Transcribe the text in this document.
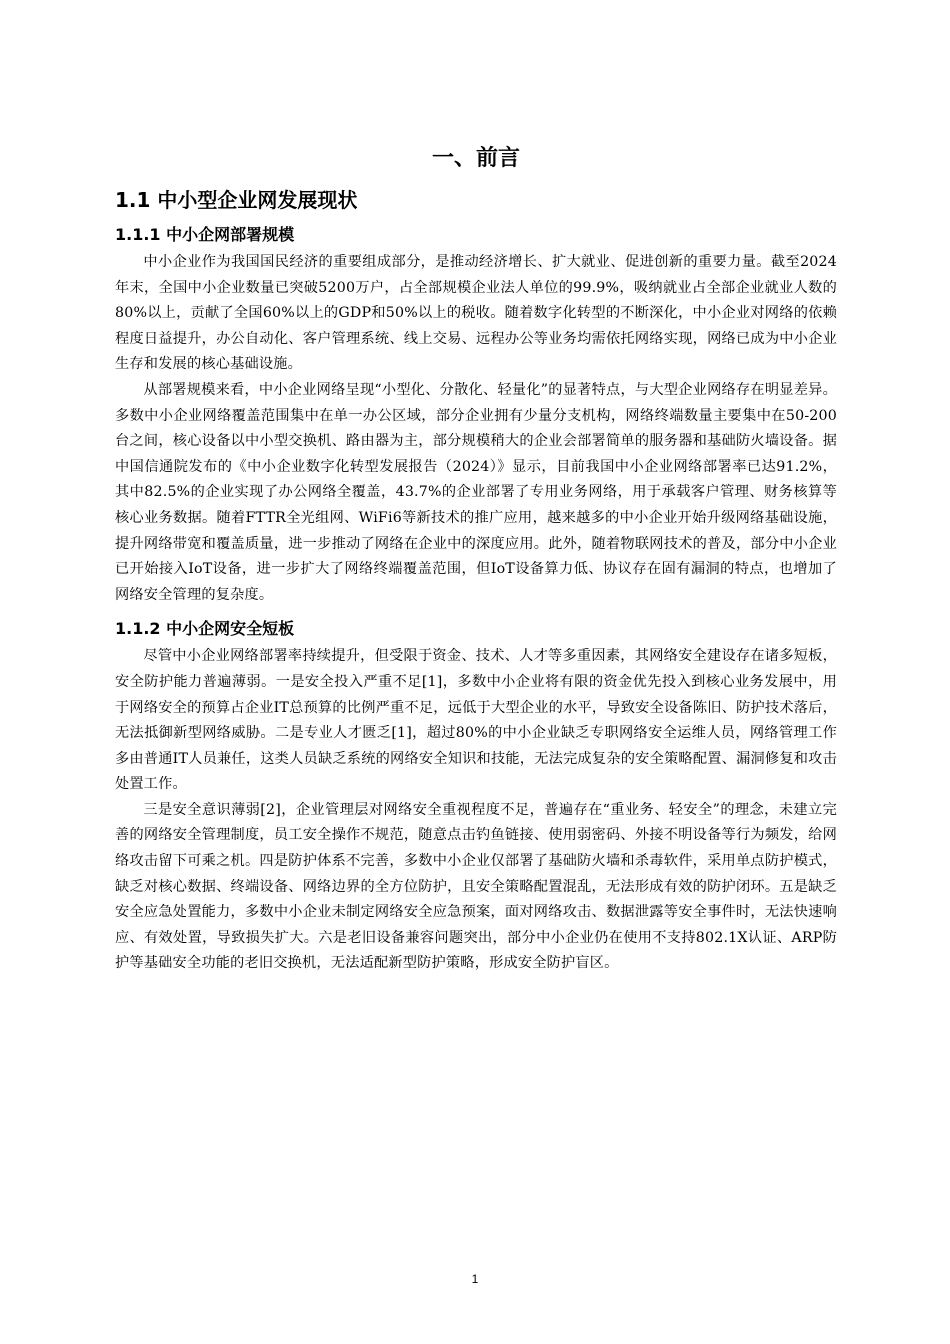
一、前言
1.1 中小型企业网发展现状
1.1.1 中小企网部署规模

中小企业作为我国国民经济的重要组成部分，是推动经济增长、扩大就业、促进创新的重要力量。截至2024年末，全国中小企业数量已突破5200万户，占全部规模企业法人单位的99.9%，吸纳就业占全部企业就业人数的80%以上，贡献了全国60%以上的GDP和50%以上的税收。随着数字化转型的不断深化，中小企业对网络的依赖程度日益提升，办公自动化、客户管理系统、线上交易、远程办公等业务均需依托网络实现，网络已成为中小企业生存和发展的核心基础设施。

从部署规模来看，中小企业网络呈现“小型化、分散化、轻量化”的显著特点，与大型企业网络存在明显差异。多数中小企业网络覆盖范围集中在单一办公区域，部分企业拥有少量分支机构，网络终端数量主要集中在50-200台之间，核心设备以中小型交换机、路由器为主，部分规模稍大的企业会部署简单的服务器和基础防火墙设备。据中国信通院发布的《中小企业数字化转型发展报告（2024）》显示，目前我国中小企业网络部署率已达91.2%，其中82.5%的企业实现了办公网络全覆盖，43.7%的企业部署了专用业务网络，用于承载客户管理、财务核算等核心业务数据。随着FTTR全光组网、WiFi6等新技术的推广应用，越来越多的中小企业开始升级网络基础设施，提升网络带宽和覆盖质量，进一步推动了网络在企业中的深度应用。此外，随着物联网技术的普及，部分中小企业已开始接入IoT设备，进一步扩大了网络终端覆盖范围，但IoT设备算力低、协议存在固有漏洞的特点，也增加了网络安全管理的复杂度。

1.1.2 中小企网安全短板

尽管中小企业网络部署率持续提升，但受限于资金、技术、人才等多重因素，其网络安全建设存在诸多短板，安全防护能力普遍薄弱。一是安全投入严重不足[1]，多数中小企业将有限的资金优先投入到核心业务发展中，用于网络安全的预算占企业IT总预算的比例严重不足，远低于大型企业的水平，导致安全设备陈旧、防护技术落后，无法抵御新型网络威胁。二是专业人才匮乏[1]，超过80%的中小企业缺乏专职网络安全运维人员，网络管理工作多由普通IT人员兼任，这类人员缺乏系统的网络安全知识和技能，无法完成复杂的安全策略配置、漏洞修复和攻击处置工作。

三是安全意识薄弱[2]，企业管理层对网络安全重视程度不足，普遍存在“重业务、轻安全”的理念，未建立完善的网络安全管理制度，员工安全操作不规范，随意点击钓鱼链接、使用弱密码、外接不明设备等行为频发，给网络攻击留下可乘之机。四是防护体系不完善，多数中小企业仅部署了基础防火墙和杀毒软件，采用单点防护模式，缺乏对核心数据、终端设备、网络边界的全方位防护，且安全策略配置混乱，无法形成有效的防护闭环。五是缺乏安全应急处置能力，多数中小企业未制定网络安全应急预案，面对网络攻击、数据泄露等安全事件时，无法快速响应、有效处置，导致损失扩大。六是老旧设备兼容问题突出，部分中小企业仍在使用不支持802.1X认证、ARP防护等基础安全功能的老旧交换机，无法适配新型防护策略，形成安全防护盲区。

1
